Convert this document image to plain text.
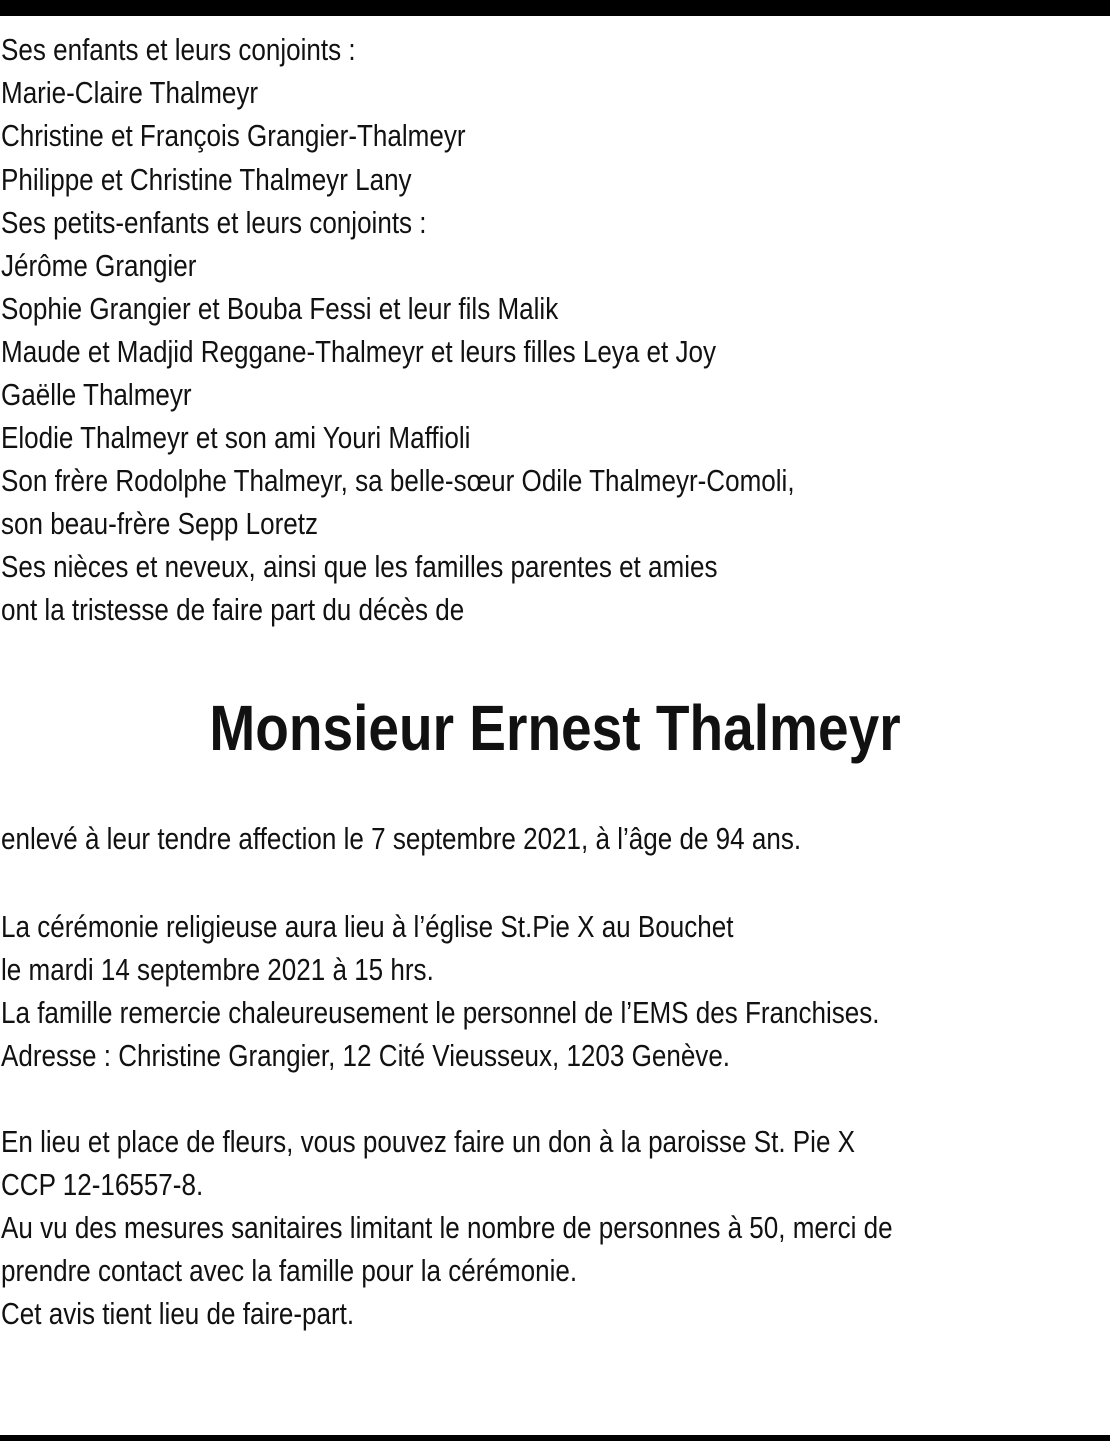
Ses enfants et leurs conjoints :
Marie-Claire Thalmeyr
Christine et François Grangier-Thalmeyr
Philippe et Christine Thalmeyr Lany
Ses petits-enfants et leurs conjoints :
Jérôme Grangier
Sophie Grangier et Bouba Fessi et leur fils Malik
Maude et Madjid Reggane-Thalmeyr et leurs filles Leya et Joy
Gaëlle Thalmeyr
Elodie Thalmeyr et son ami Youri Maffioli
Son frère Rodolphe Thalmeyr, sa belle-sœur Odile Thalmeyr-Comoli,
son beau-frère Sepp Loretz
Ses nièces et neveux, ainsi que les familles parentes et amies
ont la tristesse de faire part du décès de
Monsieur Ernest Thalmeyr
enlevé à leur tendre affection le 7 septembre 2021, à l’âge de 94 ans.
La cérémonie religieuse aura lieu à l’église St.Pie X au Bouchet
le mardi 14 septembre 2021 à 15 hrs.
La famille remercie chaleureusement le personnel de l’EMS des Franchises.
Adresse : Christine Grangier, 12 Cité Vieusseux, 1203 Genève.
En lieu et place de fleurs, vous pouvez faire un don à la paroisse St. Pie X
CCP 12-16557-8.
Au vu des mesures sanitaires limitant le nombre de personnes à 50, merci de
prendre contact avec la famille pour la cérémonie.
Cet avis tient lieu de faire-part.
